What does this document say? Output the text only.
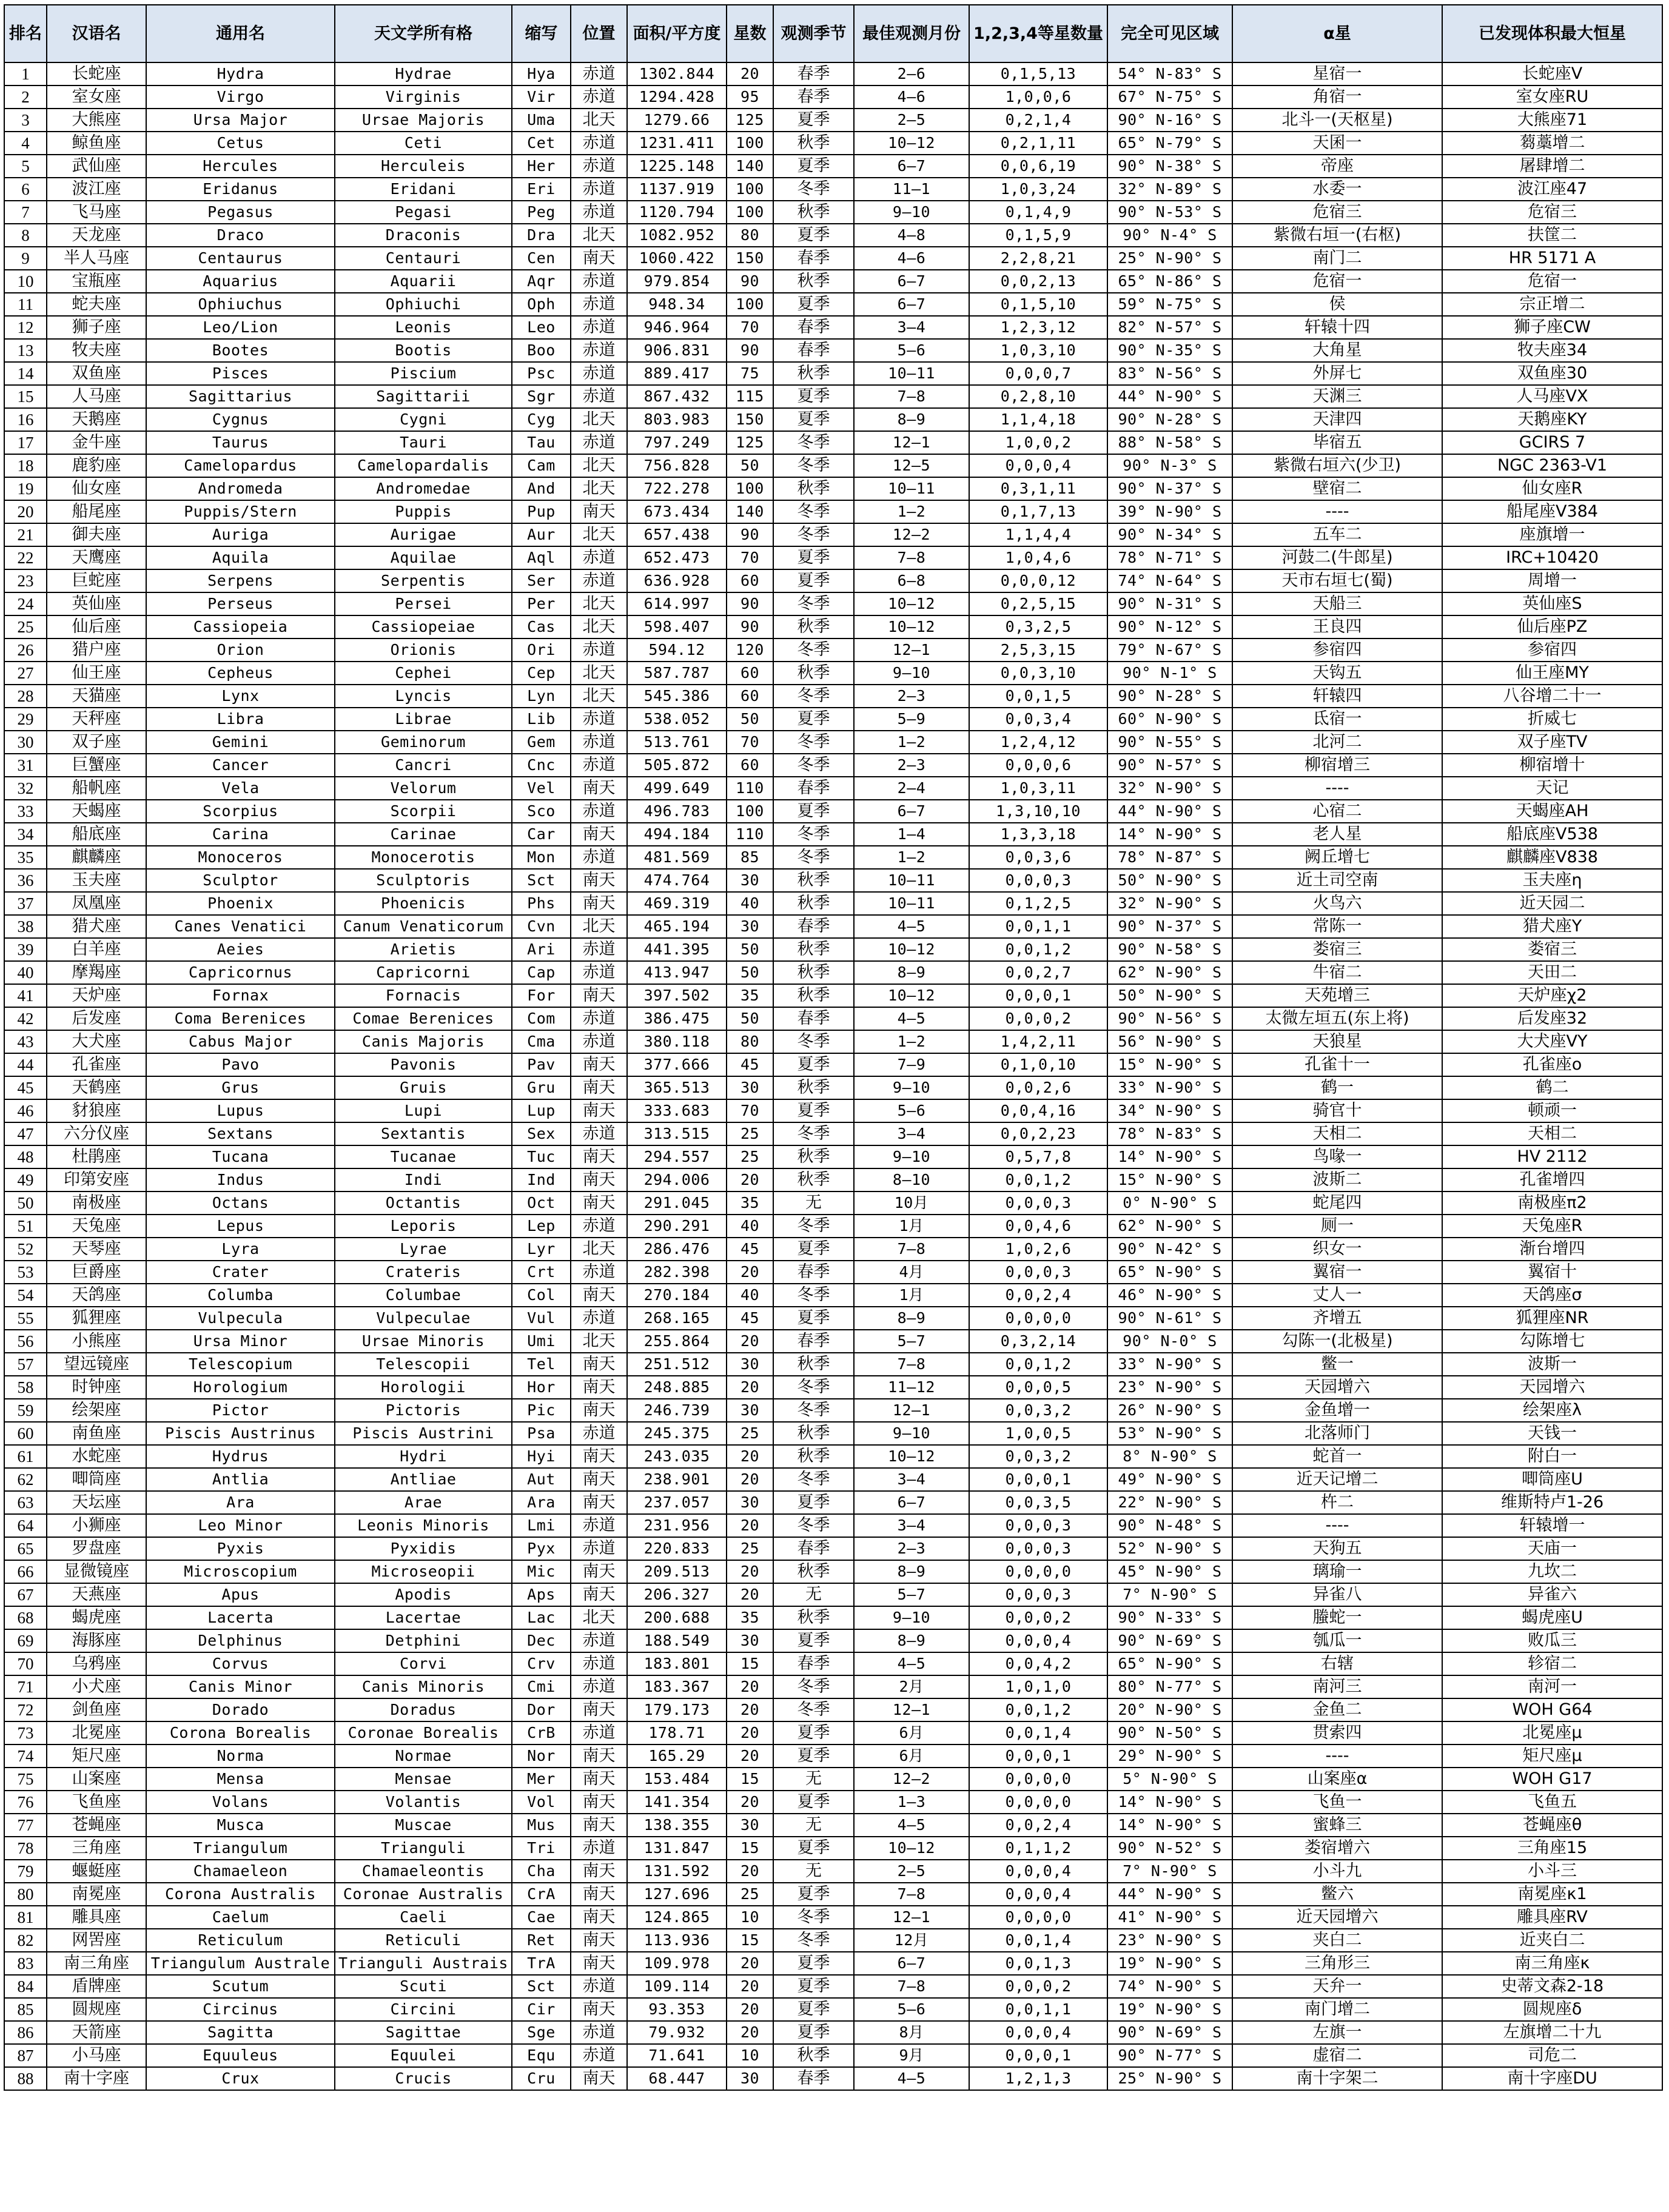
排名	汉语名	通用名	天文学所有格	缩写	位置	面积/平方度	星数	观测季节	最佳观测月份	1,2,3,4等星数量	完全可见区域	α星	已发现体积最大恒星
1	长蛇座	Hydra	Hydrae	Hya	赤道	1302.844	20	春季	2—6	0,1,5,13	54° N-83° S	星宿一	长蛇座V
2	室女座	Virgo	Virginis	Vir	赤道	1294.428	95	春季	4—6	1,0,0,6	67° N-75° S	角宿一	室女座RU
3	大熊座	Ursa Major	Ursae Majoris	Uma	北天	1279.66	125	夏季	2—5	0,2,1,4	90° N-16° S	北斗一(天枢星)	大熊座71
4	鲸鱼座	Cetus	Ceti	Cet	赤道	1231.411	100	秋季	10—12	0,2,1,11	65° N-79° S	天囷一	蒭藁增二
5	武仙座	Hercules	Herculeis	Her	赤道	1225.148	140	夏季	6—7	0,0,6,19	90° N-38° S	帝座	屠肆增二
6	波江座	Eridanus	Eridani	Eri	赤道	1137.919	100	冬季	11—1	1,0,3,24	32° N-89° S	水委一	波江座47
7	飞马座	Pegasus	Pegasi	Peg	赤道	1120.794	100	秋季	9—10	0,1,4,9	90° N-53° S	危宿三	危宿三
8	天龙座	Draco	Draconis	Dra	北天	1082.952	80	夏季	4—8	0,1,5,9	90° N-4° S	紫微右垣一(右枢)	扶筐二
9	半人马座	Centaurus	Centauri	Cen	南天	1060.422	150	春季	4—6	2,2,8,21	25° N-90° S	南门二	HR 5171 A
10	宝瓶座	Aquarius	Aquarii	Aqr	赤道	979.854	90	秋季	6—7	0,0,2,13	65° N-86° S	危宿一	危宿一
11	蛇夫座	Ophiuchus	Ophiuchi	Oph	赤道	948.34	100	夏季	6—7	0,1,5,10	59° N-75° S	侯	宗正增二
12	狮子座	Leo/Lion	Leonis	Leo	赤道	946.964	70	春季	3—4	1,2,3,12	82° N-57° S	轩辕十四	狮子座CW
13	牧夫座	Bootes	Bootis	Boo	赤道	906.831	90	春季	5—6	1,0,3,10	90° N-35° S	大角星	牧夫座34
14	双鱼座	Pisces	Piscium	Psc	赤道	889.417	75	秋季	10—11	0,0,0,7	83° N-56° S	外屏七	双鱼座30
15	人马座	Sagittarius	Sagittarii	Sgr	赤道	867.432	115	夏季	7—8	0,2,8,10	44° N-90° S	天渊三	人马座VX
16	天鹅座	Cygnus	Cygni	Cyg	北天	803.983	150	夏季	8—9	1,1,4,18	90° N-28° S	天津四	天鹅座KY
17	金牛座	Taurus	Tauri	Tau	赤道	797.249	125	冬季	12—1	1,0,0,2	88° N-58° S	毕宿五	GCIRS 7
18	鹿豹座	Camelopardus	Camelopardalis	Cam	北天	756.828	50	冬季	12—5	0,0,0,4	90° N-3° S	紫微右垣六(少卫)	NGC 2363-V1
19	仙女座	Andromeda	Andromedae	And	北天	722.278	100	秋季	10—11	0,3,1,11	90° N-37° S	壁宿二	仙女座R
20	船尾座	Puppis/Stern	Puppis	Pup	南天	673.434	140	冬季	1—2	0,1,7,13	39° N-90° S	----	船尾座V384
21	御夫座	Auriga	Aurigae	Aur	北天	657.438	90	冬季	12—2	1,1,4,4	90° N-34° S	五车二	座旗增一
22	天鹰座	Aquila	Aquilae	Aql	赤道	652.473	70	夏季	7—8	1,0,4,6	78° N-71° S	河鼓二(牛郎星)	IRC+10420
23	巨蛇座	Serpens	Serpentis	Ser	赤道	636.928	60	夏季	6—8	0,0,0,12	74° N-64° S	天市右垣七(蜀)	周增一
24	英仙座	Perseus	Persei	Per	北天	614.997	90	冬季	10—12	0,2,5,15	90° N-31° S	天船三	英仙座S
25	仙后座	Cassiopeia	Cassiopeiae	Cas	北天	598.407	90	秋季	10—12	0,3,2,5	90° N-12° S	王良四	仙后座PZ
26	猎户座	Orion	Orionis	Ori	赤道	594.12	120	冬季	12—1	2,5,3,15	79° N-67° S	参宿四	参宿四
27	仙王座	Cepheus	Cephei	Cep	北天	587.787	60	秋季	9—10	0,0,3,10	90° N-1° S	天钩五	仙王座MY
28	天猫座	Lynx	Lyncis	Lyn	北天	545.386	60	冬季	2—3	0,0,1,5	90° N-28° S	轩辕四	八谷增二十一
29	天秤座	Libra	Librae	Lib	赤道	538.052	50	夏季	5—9	0,0,3,4	60° N-90° S	氐宿一	折威七
30	双子座	Gemini	Geminorum	Gem	赤道	513.761	70	冬季	1—2	1,2,4,12	90° N-55° S	北河二	双子座TV
31	巨蟹座	Cancer	Cancri	Cnc	赤道	505.872	60	冬季	2—3	0,0,0,6	90° N-57° S	柳宿增三	柳宿增十
32	船帆座	Vela	Velorum	Vel	南天	499.649	110	春季	2—4	1,0,3,11	32° N-90° S	----	天记
33	天蝎座	Scorpius	Scorpii	Sco	赤道	496.783	100	夏季	6—7	1,3,10,10	44° N-90° S	心宿二	天蝎座AH
34	船底座	Carina	Carinae	Car	南天	494.184	110	冬季	1—4	1,3,3,18	14° N-90° S	老人星	船底座V538
35	麒麟座	Monoceros	Monocerotis	Mon	赤道	481.569	85	冬季	1—2	0,0,3,6	78° N-87° S	阙丘增七	麒麟座V838
36	玉夫座	Sculptor	Sculptoris	Sct	南天	474.764	30	秋季	10—11	0,0,0,3	50° N-90° S	近土司空南	玉夫座η
37	凤凰座	Phoenix	Phoenicis	Phs	南天	469.319	40	秋季	10—11	0,1,2,5	32° N-90° S	火鸟六	近天园二
38	猎犬座	Canes Venatici	Canum Venaticorum	Cvn	北天	465.194	30	春季	4—5	0,0,1,1	90° N-37° S	常陈一	猎犬座Y
39	白羊座	Aeies	Arietis	Ari	赤道	441.395	50	秋季	10—12	0,0,1,2	90° N-58° S	娄宿三	娄宿三
40	摩羯座	Capricornus	Capricorni	Cap	赤道	413.947	50	秋季	8—9	0,0,2,7	62° N-90° S	牛宿二	天田二
41	天炉座	Fornax	Fornacis	For	南天	397.502	35	秋季	10—12	0,0,0,1	50° N-90° S	天苑增三	天炉座χ2
42	后发座	Coma Berenices	Comae Berenices	Com	赤道	386.475	50	春季	4—5	0,0,0,2	90° N-56° S	太微左垣五(东上将)	后发座32
43	大犬座	Cabus Major	Canis Majoris	Cma	赤道	380.118	80	冬季	1—2	1,4,2,11	56° N-90° S	天狼星	大犬座VY
44	孔雀座	Pavo	Pavonis	Pav	南天	377.666	45	夏季	7—9	0,1,0,10	15° N-90° S	孔雀十一	孔雀座o
45	天鹤座	Grus	Gruis	Gru	南天	365.513	30	秋季	9—10	0,0,2,6	33° N-90° S	鹤一	鹤二
46	豺狼座	Lupus	Lupi	Lup	南天	333.683	70	夏季	5—6	0,0,4,16	34° N-90° S	骑官十	顿顽一
47	六分仪座	Sextans	Sextantis	Sex	赤道	313.515	25	冬季	3—4	0,0,2,23	78° N-83° S	天相二	天相二
48	杜鹃座	Tucana	Tucanae	Tuc	南天	294.557	25	秋季	9—10	0,5,7,8	14° N-90° S	鸟喙一	HV 2112
49	印第安座	Indus	Indi	Ind	南天	294.006	20	秋季	8—10	0,0,1,2	15° N-90° S	波斯二	孔雀增四
50	南极座	Octans	Octantis	Oct	南天	291.045	35	无	10月	0,0,0,3	0° N-90° S	蛇尾四	南极座π2
51	天兔座	Lepus	Leporis	Lep	赤道	290.291	40	冬季	1月	0,0,4,6	62° N-90° S	厕一	天兔座R
52	天琴座	Lyra	Lyrae	Lyr	北天	286.476	45	夏季	7—8	1,0,2,6	90° N-42° S	织女一	渐台增四
53	巨爵座	Crater	Crateris	Crt	赤道	282.398	20	春季	4月	0,0,0,3	65° N-90° S	翼宿一	翼宿十
54	天鸽座	Columba	Columbae	Col	南天	270.184	40	冬季	1月	0,0,2,4	46° N-90° S	丈人一	天鸽座σ
55	狐狸座	Vulpecula	Vulpeculae	Vul	赤道	268.165	45	夏季	8—9	0,0,0,0	90° N-61° S	齐增五	狐狸座NR
56	小熊座	Ursa Minor	Ursae Minoris	Umi	北天	255.864	20	春季	5—7	0,3,2,14	90° N-0° S	勾陈一(北极星)	勾陈增七
57	望远镜座	Telescopium	Telescopii	Tel	南天	251.512	30	秋季	7—8	0,0,1,2	33° N-90° S	鳖一	波斯一
58	时钟座	Horologium	Horologii	Hor	南天	248.885	20	冬季	11—12	0,0,0,5	23° N-90° S	天园增六	天园增六
59	绘架座	Pictor	Pictoris	Pic	南天	246.739	30	冬季	12—1	0,0,3,2	26° N-90° S	金鱼增一	绘架座λ
60	南鱼座	Piscis Austrinus	Piscis Austrini	Psa	赤道	245.375	25	秋季	9—10	1,0,0,5	53° N-90° S	北落师门	天钱一
61	水蛇座	Hydrus	Hydri	Hyi	南天	243.035	20	秋季	10—12	0,0,3,2	8° N-90° S	蛇首一	附白一
62	唧筒座	Antlia	Antliae	Aut	南天	238.901	20	冬季	3—4	0,0,0,1	49° N-90° S	近天记增二	唧筒座U
63	天坛座	Ara	Arae	Ara	南天	237.057	30	夏季	6—7	0,0,3,5	22° N-90° S	杵二	维斯特卢1-26
64	小狮座	Leo Minor	Leonis Minoris	Lmi	赤道	231.956	20	冬季	3—4	0,0,0,3	90° N-48° S	----	轩辕增一
65	罗盘座	Pyxis	Pyxidis	Pyx	赤道	220.833	25	春季	2—3	0,0,0,3	52° N-90° S	天狗五	天庙一
66	显微镜座	Microscopium	Microseopii	Mic	南天	209.513	20	秋季	8—9	0,0,0,0	45° N-90° S	璃瑜一	九坎二
67	天燕座	Apus	Apodis	Aps	南天	206.327	20	无	5—7	0,0,0,3	7° N-90° S	异雀八	异雀六
68	蝎虎座	Lacerta	Lacertae	Lac	北天	200.688	35	秋季	9—10	0,0,0,2	90° N-33° S	螣蛇一	蝎虎座U
69	海豚座	Delphinus	Detphini	Dec	赤道	188.549	30	夏季	8—9	0,0,0,4	90° N-69° S	瓠瓜一	败瓜三
70	乌鸦座	Corvus	Corvi	Crv	赤道	183.801	15	春季	4—5	0,0,4,2	65° N-90° S	右辖	轸宿二
71	小犬座	Canis Minor	Canis Minoris	Cmi	赤道	183.367	20	冬季	2月	1,0,1,0	80° N-77° S	南河三	南河一
72	剑鱼座	Dorado	Doradus	Dor	南天	179.173	20	冬季	12—1	0,0,1,2	20° N-90° S	金鱼二	WOH G64
73	北冕座	Corona Borealis	Coronae Borealis	CrB	赤道	178.71	20	夏季	6月	0,0,1,4	90° N-50° S	贯索四	北冕座μ
74	矩尺座	Norma	Normae	Nor	南天	165.29	20	夏季	6月	0,0,0,1	29° N-90° S	----	矩尺座μ
75	山案座	Mensa	Mensae	Mer	南天	153.484	15	无	12—2	0,0,0,0	5° N-90° S	山案座α	WOH G17
76	飞鱼座	Volans	Volantis	Vol	南天	141.354	20	夏季	1—3	0,0,0,0	14° N-90° S	飞鱼一	飞鱼五
77	苍蝇座	Musca	Muscae	Mus	南天	138.355	30	无	4—5	0,0,2,4	14° N-90° S	蜜蜂三	苍蝇座θ
78	三角座	Triangulum	Trianguli	Tri	赤道	131.847	15	夏季	10—12	0,1,1,2	90° N-52° S	娄宿增六	三角座15
79	蝘蜓座	Chamaeleon	Chamaeleontis	Cha	南天	131.592	20	无	2—5	0,0,0,4	7° N-90° S	小斗九	小斗三
80	南冕座	Corona Australis	Coronae Australis	CrA	南天	127.696	25	夏季	7—8	0,0,0,4	44° N-90° S	鳖六	南冕座κ1
81	雕具座	Caelum	Caeli	Cae	南天	124.865	10	冬季	12—1	0,0,0,0	41° N-90° S	近天园增六	雕具座RV
82	网罟座	Reticulum	Reticuli	Ret	南天	113.936	15	冬季	12月	0,0,1,4	23° N-90° S	夹白二	近夹白二
83	南三角座	Triangulum Australe	Trianguli Austrais	TrA	南天	109.978	20	夏季	6—7	0,0,1,3	19° N-90° S	三角形三	南三角座κ
84	盾牌座	Scutum	Scuti	Sct	赤道	109.114	20	夏季	7—8	0,0,0,2	74° N-90° S	天弁一	史蒂文森2-18
85	圆规座	Circinus	Circini	Cir	南天	93.353	20	夏季	5—6	0,0,1,1	19° N-90° S	南门增二	圆规座δ
86	天箭座	Sagitta	Sagittae	Sge	赤道	79.932	20	夏季	8月	0,0,0,4	90° N-69° S	左旗一	左旗增二十九
87	小马座	Equuleus	Equulei	Equ	赤道	71.641	10	秋季	9月	0,0,0,1	90° N-77° S	虚宿二	司危二
88	南十字座	Crux	Crucis	Cru	南天	68.447	30	春季	4—5	1,2,1,3	25° N-90° S	南十字架二	南十字座DU
